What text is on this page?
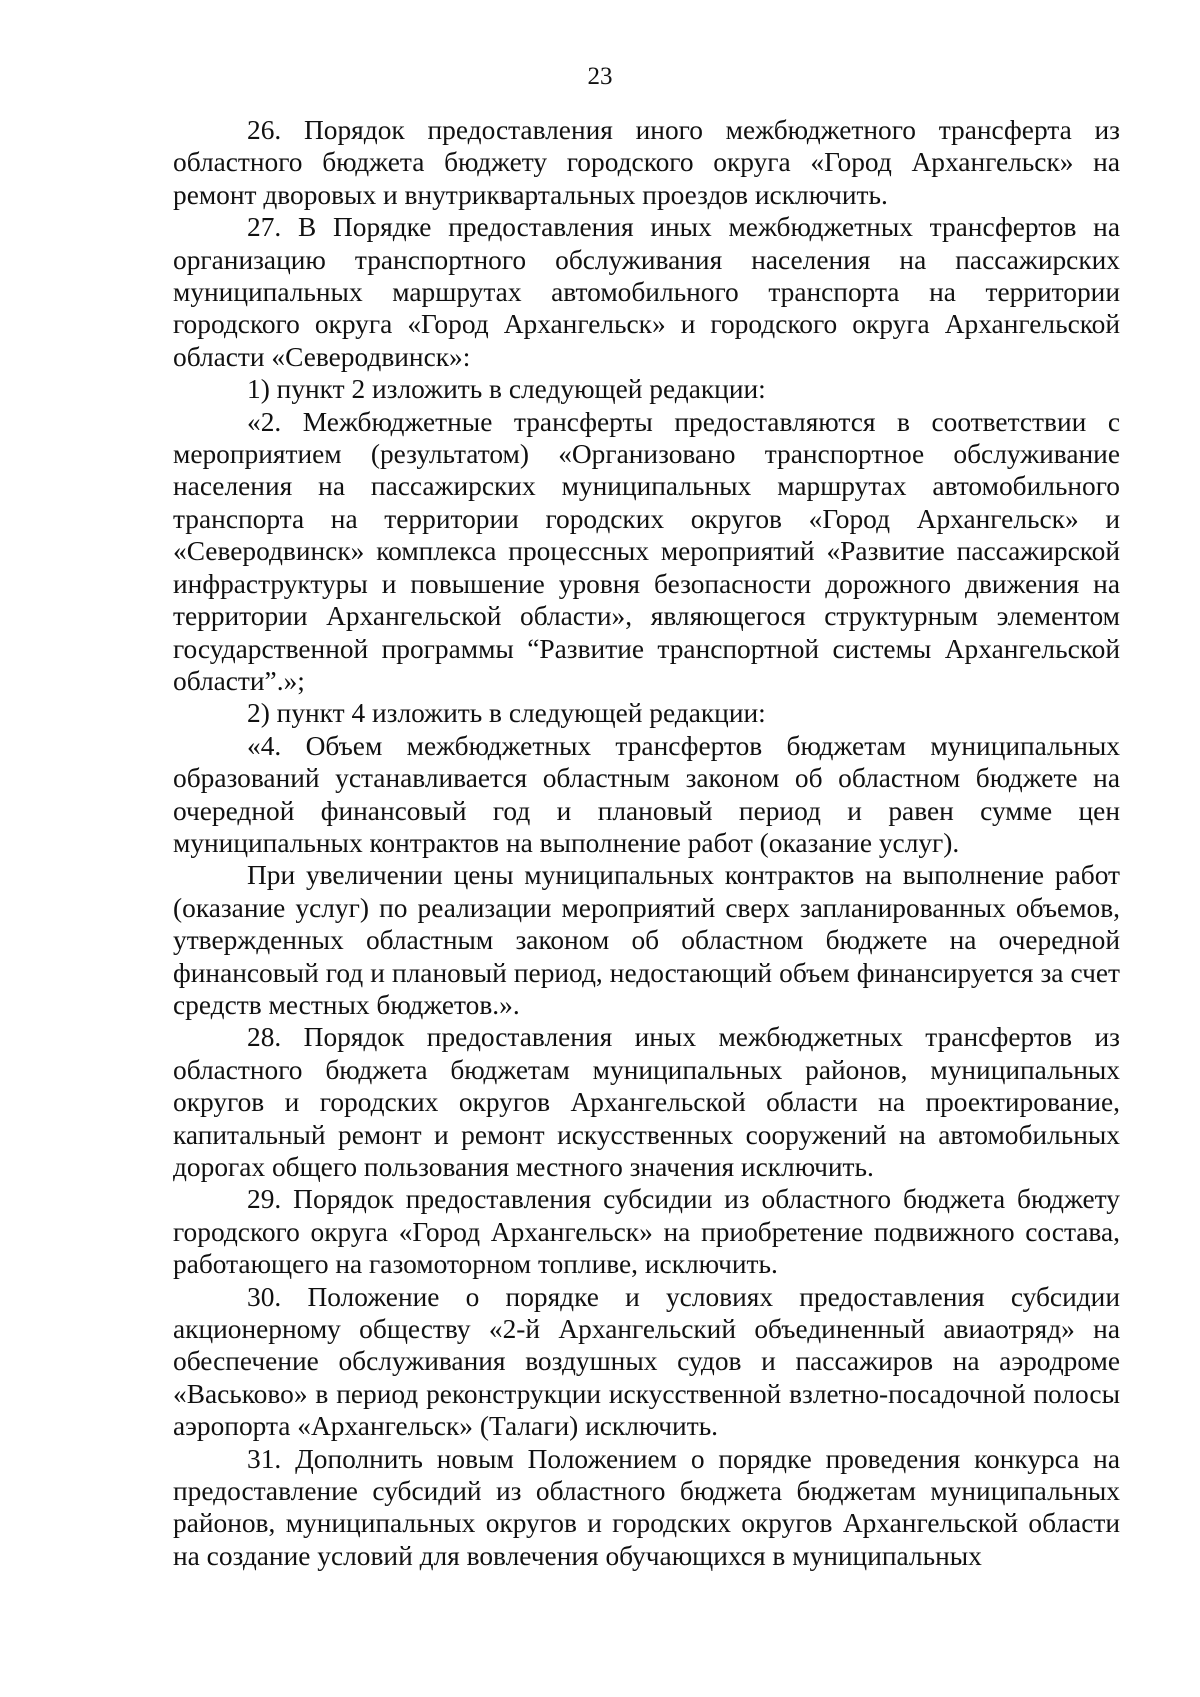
23

26. Порядок предоставления иного межбюджетного трансферта из областного бюджета бюджету городского округа «Город Архангельск» на ремонт дворовых и внутриквартальных проездов исключить.

27. В Порядке предоставления иных межбюджетных трансфертов на организацию транспортного обслуживания населения на пассажирских муниципальных маршрутах автомобильного транспорта на территории городского округа «Город Архангельск» и городского округа Архангельской области «Северодвинск»:

1) пункт 2 изложить в следующей редакции:

«2. Межбюджетные трансферты предоставляются в соответствии с мероприятием (результатом) «Организовано транспортное обслуживание населения на пассажирских муниципальных маршрутах автомобильного транспорта на территории городских округов «Город Архангельск» и «Северодвинск» комплекса процессных мероприятий «Развитие пассажирской инфраструктуры и повышение уровня безопасности дорожного движения на территории Архангельской области», являющегося структурным элементом государственной программы “Развитие транспортной системы Архангельской области”.»;

2) пункт 4 изложить в следующей редакции:

«4. Объем межбюджетных трансфертов бюджетам муниципальных образований устанавливается областным законом об областном бюджете на очередной финансовый год и плановый период и равен сумме цен муниципальных контрактов на выполнение работ (оказание услуг).

При увеличении цены муниципальных контрактов на выполнение работ (оказание услуг) по реализации мероприятий сверх запланированных объемов, утвержденных областным законом об областном бюджете на очередной финансовый год и плановый период, недостающий объем финансируется за счет средств местных бюджетов.».

28. Порядок предоставления иных межбюджетных трансфертов из областного бюджета бюджетам муниципальных районов, муниципальных округов и городских округов Архангельской области на проектирование, капитальный ремонт и ремонт искусственных сооружений на автомобильных дорогах общего пользования местного значения исключить.

29. Порядок предоставления субсидии из областного бюджета бюджету городского округа «Город Архангельск» на приобретение подвижного состава, работающего на газомоторном топливе, исключить.

30. Положение о порядке и условиях предоставления субсидии акционерному обществу «2-й Архангельский объединенный авиаотряд» на обеспечение обслуживания воздушных судов и пассажиров на аэродроме «Васьково» в период реконструкции искусственной взлетно-посадочной полосы аэропорта «Архангельск» (Талаги) исключить.

31. Дополнить новым Положением о порядке проведения конкурса на предоставление субсидий из областного бюджета бюджетам муниципальных районов, муниципальных округов и городских округов Архангельской области на создание условий для вовлечения обучающихся в муниципальных
